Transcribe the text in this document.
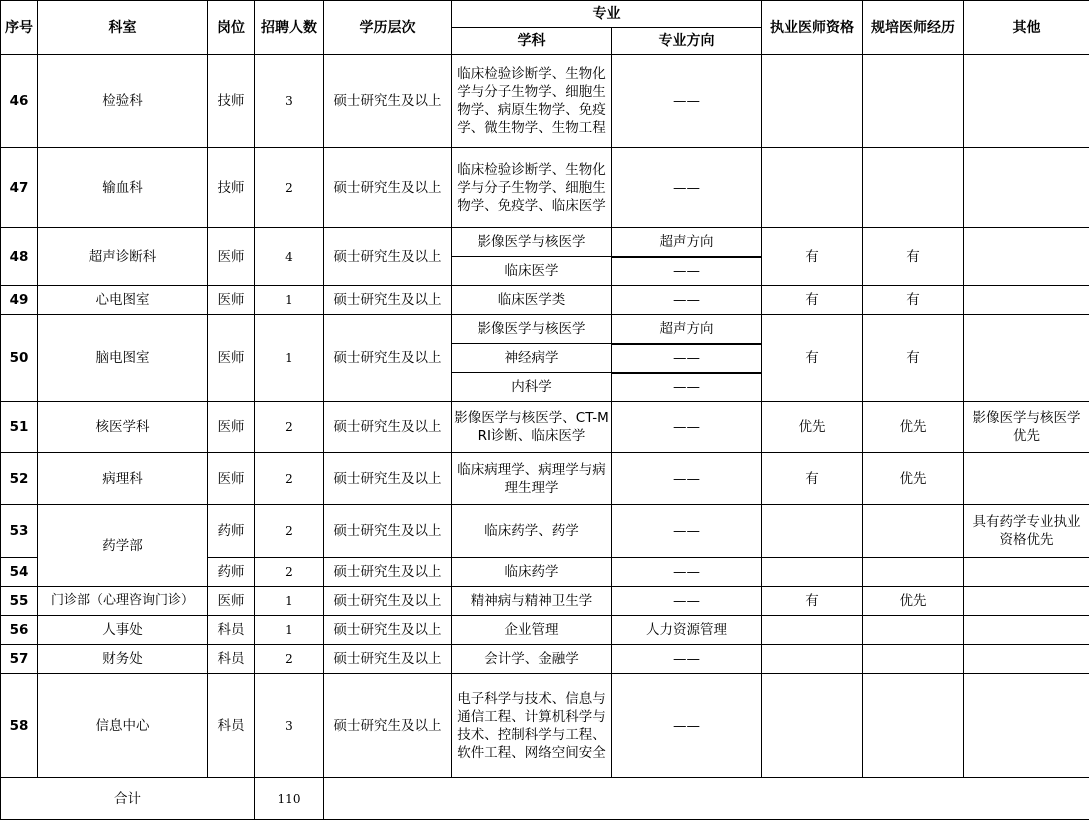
序号	科室	岗位	招聘人数	学历层次	专业		执业医师资格	规培医师经历	其他
					学科	专业方向			
46	检验科	技师	3	硕士研究生及以上	临床检验诊断学、生物化学与分子生物学、细胞生物学、病原生物学、免疫学、微生物学、生物工程	——			
47	输血科	技师	2	硕士研究生及以上	临床检验诊断学、生物化学与分子生物学、细胞生物学、免疫学、临床医学	——			
48	超声诊断科	医师	4	硕士研究生及以上	影像医学与核医学	超声方向	有	有	
					临床医学	——			
49	心电图室	医师	1	硕士研究生及以上	临床医学类	——	有	有	
50	脑电图室	医师	1	硕士研究生及以上	影像医学与核医学	超声方向	有	有	
					神经病学	——			
					内科学	——			
51	核医学科	医师	2	硕士研究生及以上	影像医学与核医学、CT-MRI诊断、临床医学	——	优先	优先	影像医学与核医学优先
52	病理科	医师	2	硕士研究生及以上	临床病理学、病理学与病理生理学	——	有	优先	
53	药学部	药师	2	硕士研究生及以上	临床药学、药学	——			具有药学专业执业资格优先
54		药师	2	硕士研究生及以上	临床药学	——			
55	门诊部（心理咨询门诊）	医师	1	硕士研究生及以上	精神病与精神卫生学	——	有	优先	
56	人事处	科员	1	硕士研究生及以上	企业管理	人力资源管理			
57	财务处	科员	2	硕士研究生及以上	会计学、金融学	——			
58	信息中心	科员	3	硕士研究生及以上	电子科学与技术、信息与通信工程、计算机科学与技术、控制科学与工程、软件工程、网络空间安全	——			
合计			110						
